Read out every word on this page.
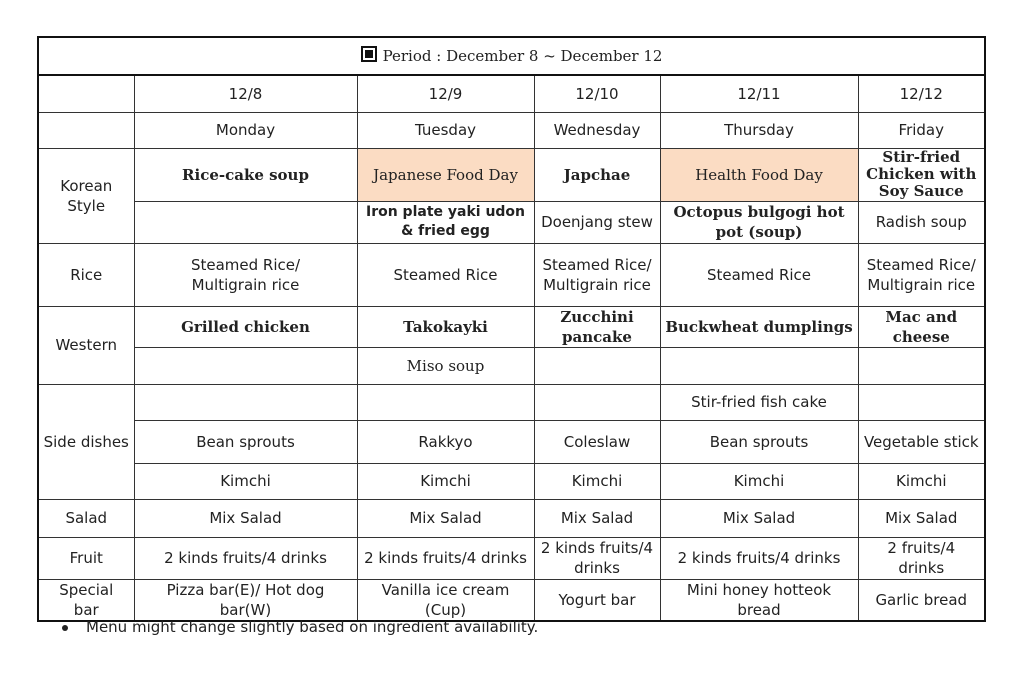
Period : December 8 ~ December 12					
	12/8	12/9	12/10	12/11	12/12
	Monday	Tuesday	Wednesday	Thursday	Friday
Korean Style	Rice-cake soup	Japanese Food Day	Japchae	Health Food Day	Stir-fried Chicken with Soy Sauce
		Iron plate yaki udon & fried egg	Doenjang stew	Octopus bulgogi hot pot (soup)	Radish soup
Rice	Steamed Rice/ Multigrain rice	Steamed Rice	Steamed Rice/ Multigrain rice	Steamed Rice	Steamed Rice/ Multigrain rice
Western	Grilled chicken	Takokayki	Zucchini pancake	Buckwheat dumplings	Mac and cheese
		Miso soup			
Side dishes				Stir-fried fish cake	
	Bean sprouts	Rakkyo	Coleslaw	Bean sprouts	Vegetable stick
	Kimchi	Kimchi	Kimchi	Kimchi	Kimchi
Salad	Mix Salad	Mix Salad	Mix Salad	Mix Salad	Mix Salad
Fruit	2 kinds fruits/4 drinks	2 kinds fruits/4 drinks	2 kinds fruits/4 drinks	2 kinds fruits/4 drinks	2 fruits/4 drinks
Special bar	Pizza bar(E)/ Hot dog bar(W)	Vanilla ice cream (Cup)	Yogurt bar	Mini honey hotteok bread	Garlic bread
Menu might change slightly based on ingredient availability.
